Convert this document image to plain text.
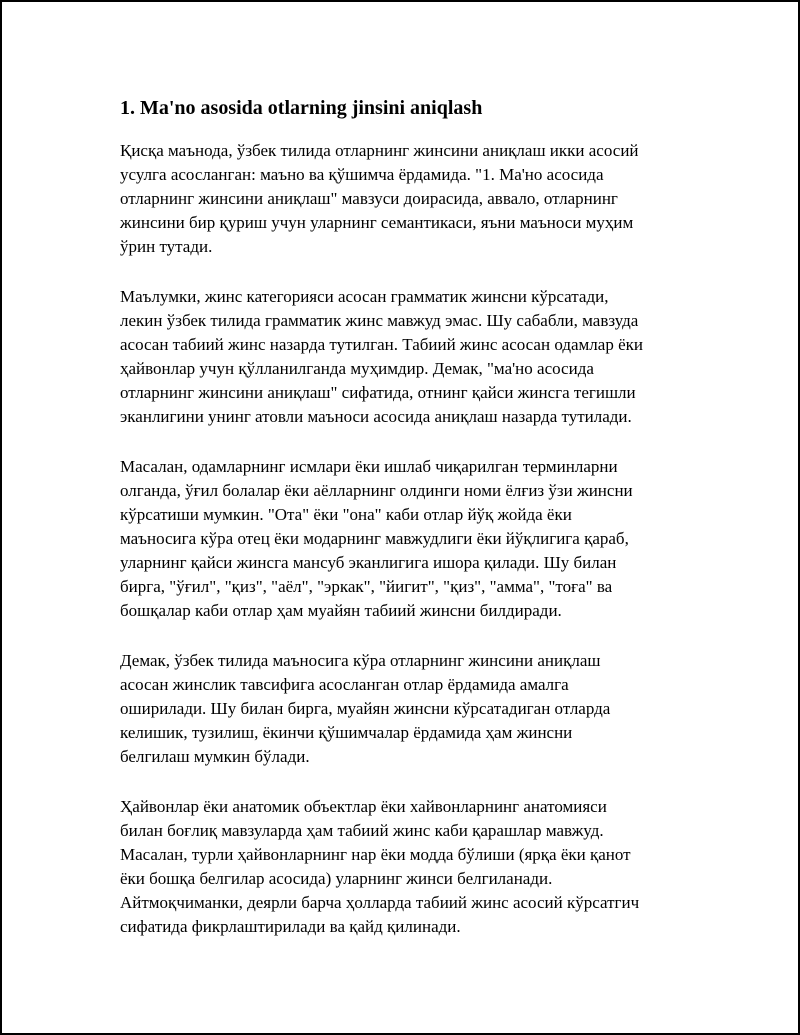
1. Ma'no asosida otlarning jinsini aniqlash

Қисқа маънода, ўзбек тилида отларнинг жинсини аниқлаш икки асосий
усулга асосланган: маъно ва қўшимча ёрдамида. "1. Ма'но асосида
отларнинг жинсини аниқлаш" мавзуси доирасида, аввало, отларнинг
жинсини бир қуриш учун уларнинг семантикаси, яъни маъноси муҳим
ўрин тутади.

Маълумки, жинс категорияси асосан грамматик жинсни кўрсатади,
лекин ўзбек тилида грамматик жинс мавжуд эмас. Шу сабабли, мавзуда
асосан табиий жинс назарда тутилган. Табиий жинс асосан одамлар ёки
ҳайвонлар учун қўлланилганда муҳимдир. Демак, "ма'но асосида
отларнинг жинсини аниқлаш" сифатида, отнинг қайси жинсга тегишли
эканлигини унинг атовли маъноси асосида аниқлаш назарда тутилади.

Масалан, одамларнинг исмлари ёки ишлаб чиқарилган терминларни
олганда, ўғил болалар ёки аёлларнинг олдинги номи ёлғиз ўзи жинсни
кўрсатиши мумкин. "Ота" ёки "она" каби отлар йўқ жойда ёки
маъносига кўра отец ёки модарнинг мавжудлиги ёки йўқлигига қараб,
уларнинг қайси жинсга мансуб эканлигига ишора қилади. Шу билан
бирга, "ўғил", "қиз", "аёл", "эркак", "йигит", "қиз", "амма", "тоға" ва
бошқалар каби отлар ҳам муайян табиий жинсни билдиради.

Демак, ўзбек тилида маъносига кўра отларнинг жинсини аниқлаш
асосан жинслик тавсифига асосланган отлар ёрдамида амалга
оширилади. Шу билан бирга, муайян жинсни кўрсатадиган отларда
келишик, тузилиш, ёкинчи қўшимчалар ёрдамида ҳам жинсни
белгилаш мумкин бўлади.

Ҳайвонлар ёки анатомик объектлар ёки хайвонларнинг анатомияси
билан боғлиқ мавзуларда ҳам табиий жинс каби қарашлар мавжуд.
Масалан, турли ҳайвонларнинг нар ёки модда бўлиши (ярқа ёки қанот
ёки бошқа белгилар асосида) уларнинг жинси белгиланади.
Айтмоқчиманки, деярли барча ҳолларда табиий жинс асосий кўрсатгич
сифатида фикрлаштирилади ва қайд қилинади.
